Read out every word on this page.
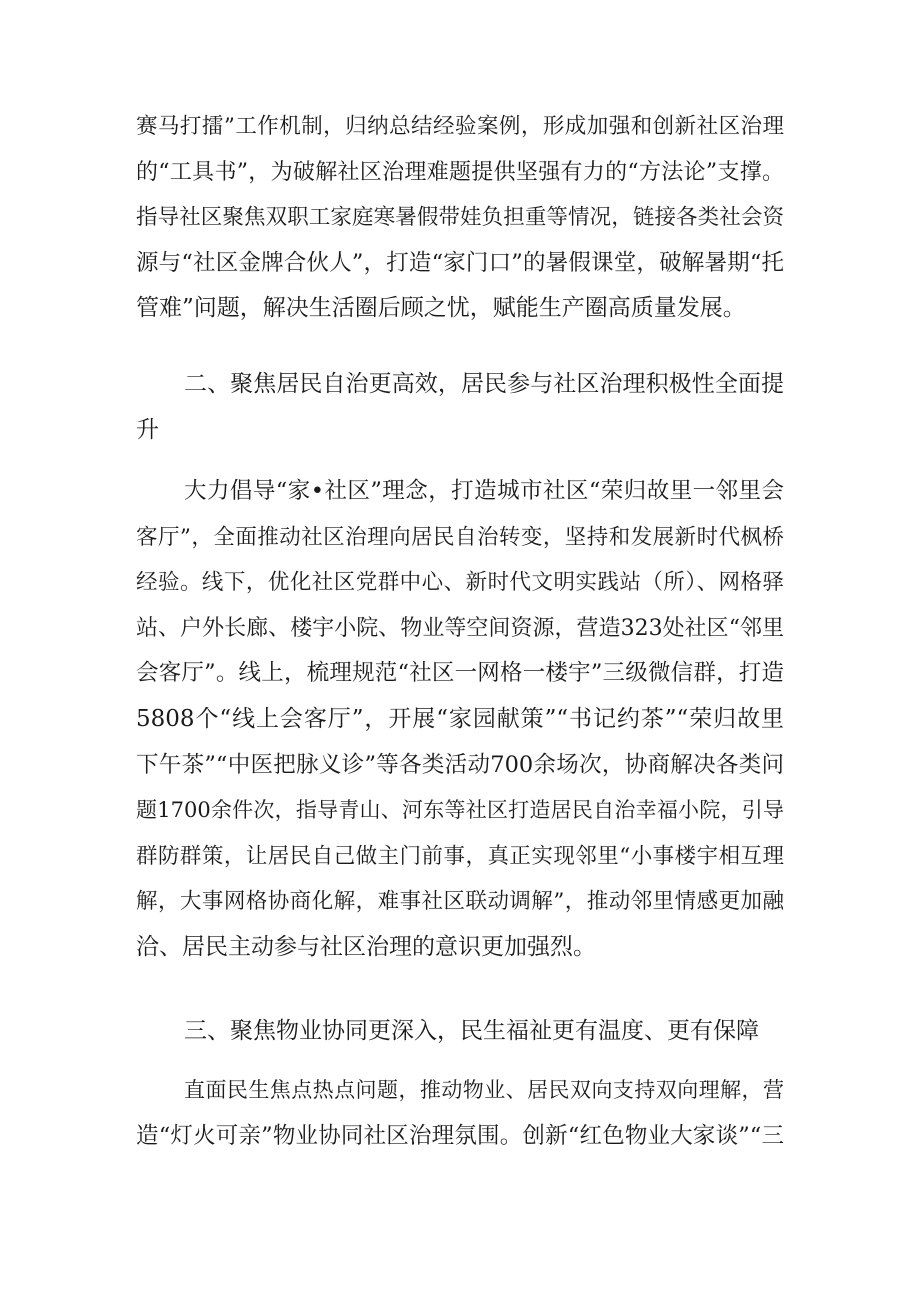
赛马打擂”工作机制，归纳总结经验案例，形成加强和创新社区治理
的“工具书”，为破解社区治理难题提供坚强有力的“方法论”支撑。
指导社区聚焦双职工家庭寒暑假带娃负担重等情况，链接各类社会资
源与“社区金牌合伙人”，打造“家门口”的暑假课堂，破解暑期“托
管难”问题，解决生活圈后顾之忧，赋能生产圈高质量发展。

二、聚焦居民自治更高效，居民参与社区治理积极性全面提
升

大力倡导“家•社区”理念，打造城市社区“荣归故里一邻里会
客厅”，全面推动社区治理向居民自治转变，坚持和发展新时代枫桥
经验。线下，优化社区党群中心、新时代文明实践站（所）、网格驿
站、户外长廊、楼宇小院、物业等空间资源，营造323处社区“邻里
会客厅”。线上，梳理规范“社区一网格一楼宇”三级微信群，打造
5808个“线上会客厅”，开展“家园献策”“书记约茶”“荣归故里
下午茶”“中医把脉义诊”等各类活动700余场次，协商解决各类问
题1700余件次，指导青山、河东等社区打造居民自治幸福小院，引导
群防群策，让居民自己做主门前事，真正实现邻里“小事楼宇相互理
解，大事网格协商化解，难事社区联动调解”，推动邻里情感更加融
洽、居民主动参与社区治理的意识更加强烈。

三、聚焦物业协同更深入，民生福祉更有温度、更有保障

直面民生焦点热点问题，推动物业、居民双向支持双向理解，营
造“灯火可亲”物业协同社区治理氛围。创新“红色物业大家谈”“三
